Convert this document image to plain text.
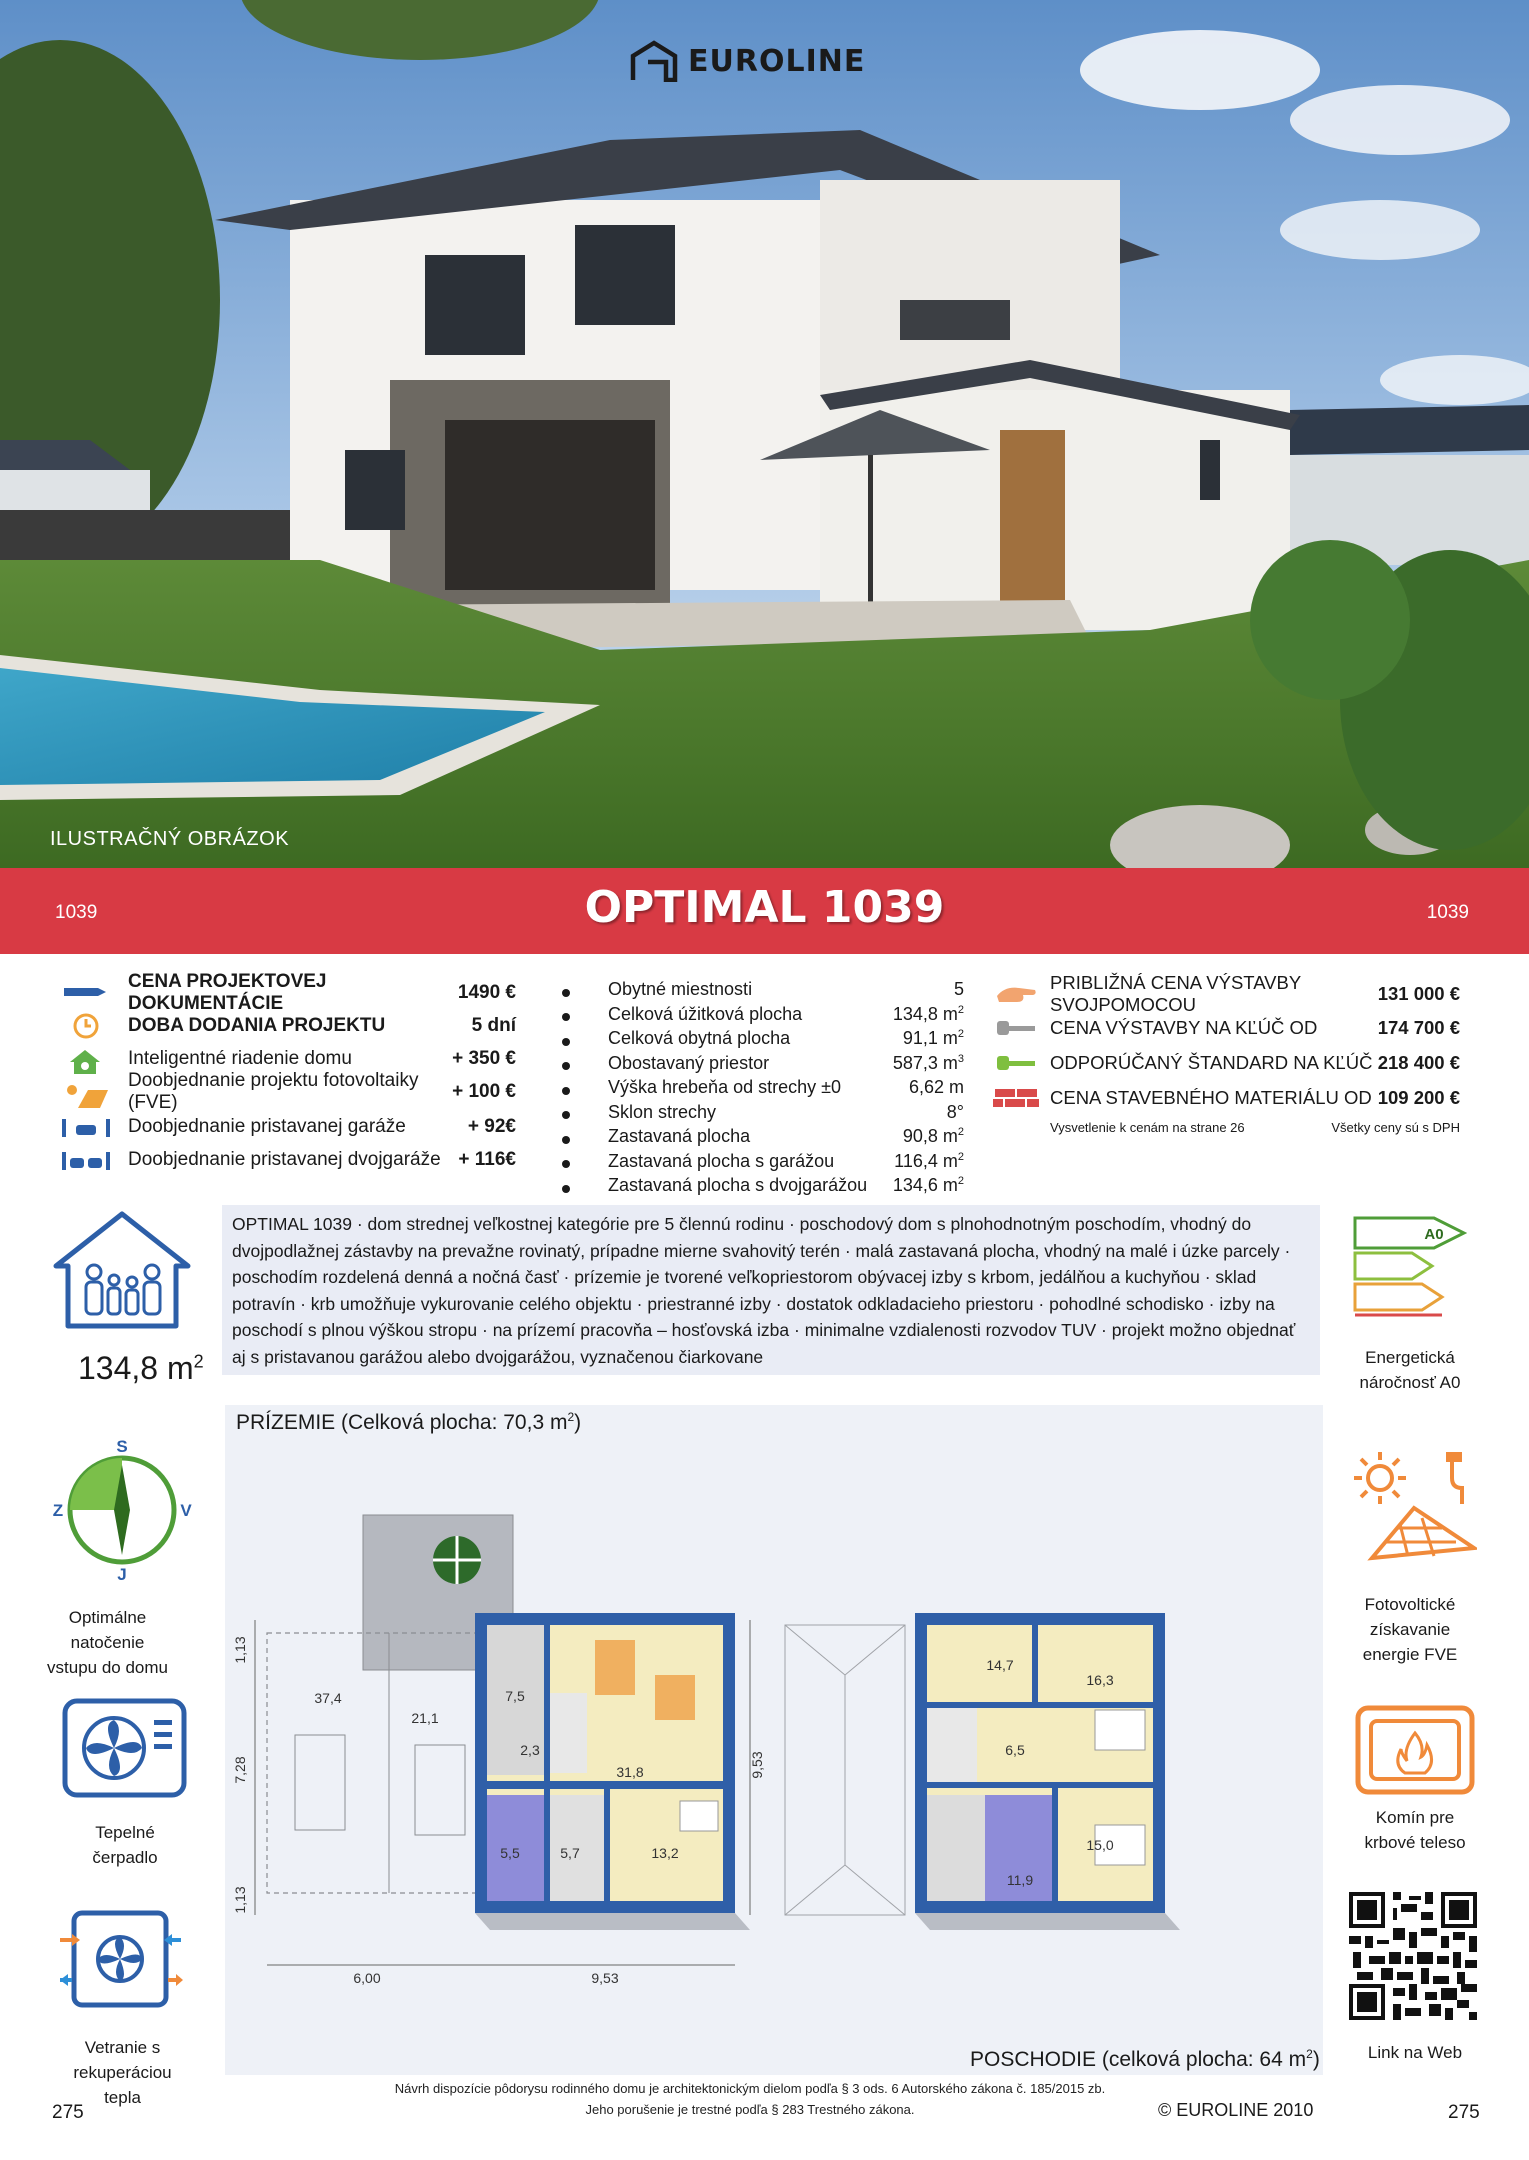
EUROLINE
ILUSTRAČNÝ OBRÁZOK
1039	OPTIMAL 1039	1039
CENA PROJEKTOVEJ DOKUMENTÁCIE
1490 €
DOBA DODANIA PROJEKTU	5 dní
Inteligentné riadenie domu	+ 350 €
Doobjednanie projektu fotovoltaiky (FVE)
+ 100 €
Doobjednanie pristavanej garáže	+ 92€
Doobjednanie pristavanej dvojgaráže + 116€
Obytné miestnosti	5
Celková úžitková plocha	134,8 $m^2$
Celková obytná plocha	91,1 $m^2$
Obostavaný priestor	587,3 $m^3$
Výška hrebeňa od strechy ±0	6,62 m
Sklon strechy	8°
Zastavaná plocha	90,8 $m^2$
Zastavaná plocha s garážou	116,4 $m^2$
Zastavaná plocha s dvojgarážou	134,6 $m^2$
PRIBLIŽNÁ CENA VÝSTAVBY SVOJPOMOCOU
131 000 €
CENA VÝSTAVBY NA KĽÚČ OD	174 700 €
ODPORÚČANÝ ŠTANDARD NA KĽÚČ 218 400 €
CENA STAVEBNÉHO MATERIÁLU OD 109 200 €
Vysvetlenie k cenám na strane 26	Všetky ceny sú s DPH
134,8 $m^2$
S
V
J
Z
Optimálne natočenie vstupu do domu
Tepelné čerpadlo
Vetranie s rekuperáciou tepla
OPTIMAL 1039 · dom strednej veľkostnej kategórie pre 5 člennú rodinu · poschodový dom s plnohodnotným poschodím, vhodný do dvojpodlažnej zástavby na prevažne rovinatý, prípadne mierne svahovitý terén · malá zastavaná plocha, vhodný na malé i úzke parcely · poschodím rozdelená denná a nočná časť · prízemie je tvorené veľkopriestorom obývacej izby s krbom, jedálňou a kuchyňou · sklad potravín · krb umožňuje vykurovanie celého objektu · priestranné izby · dostatok odkladacieho priestoru · pohodlné schodisko · izby na poschodí s plnou výškou stropu · na prízemí pracovňa – hosťovská izba · minimalne vzdialenosti rozvodov TUV · projekt možno objednať aj s pristavanou garážou alebo dvojgarážou, vyznačenou čiarkovane
A0
Energetická náročnosť A0
Fotovoltické získavanie energie FVE
Komín pre krbové teleso
Link na Web
37,4
21,1
7,5
2,3
31,8
5,5	5,7	13,2
14,7
16,3
6,5
11,9
15,0
1,13
7,28
1,13
6,00	9,53
9,53
PRÍZEMIE (Celková plocha: 70,3 $m^2$)
POSCHODIE (celková plocha: 64 $m^2$)
Návrh dispozície pôdorysu rodinného domu je architektonickým dielom podľa § 3 ods. 6 Autorského zákona č. 185/2015 zb.
Jeho porušenie je trestné podľa § 283 Trestného zákona.	© EUROLINE 2010
275	275
